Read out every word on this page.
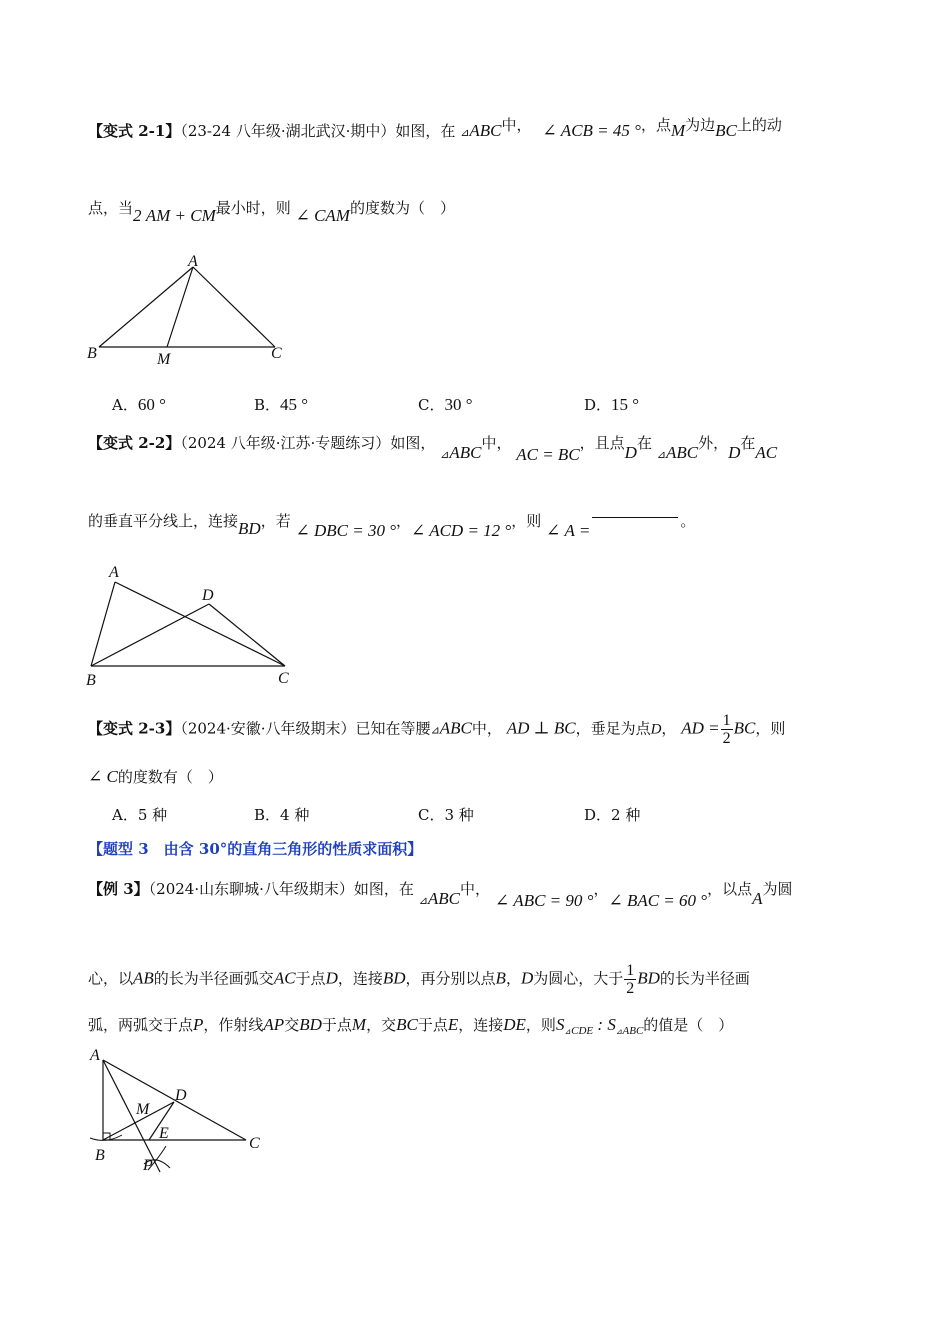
【变式 2-1】（23-24 八年级·湖北武汉·期中）如图，在 ⊿ABC中， ∠ ACB = 45 °，点M为边BC上的动
点，当2 AM + CM最小时，则 ∠ CAM的度数为（　）
A
B	M	C
A．60 °	B．45 °	C．30 °	D．15 °
【变式 2-2】（2024 八年级·江苏·专题练习）如图， $_⊿$ABC中， AC = BC，且点D在 $_⊿$ABC外，D在AC
的垂直平分线上，连接BD，若 ∠ DBC = 30 °，∠ ACD = 12 °，则 ∠ A =	。
A
D
B	C
【变式 2-3】（2024·安徽·八年级期末）已知在等腰⊿ABC中， AD ⊥ BC，垂足为点D， AD = $\frac{1}{2}$ BC，则
∠ C的度数有（　）
A．5 种	B．4 种	C．3 种	D．2 种
【题型 3　由含 30°的直角三角形的性质求面积】
【例 3】（2024·山东聊城·八年级期末）如图，在 $_⊿$ABC中， ∠ ABC = 90 °，∠ BAC = 60 °，以点A为圆
心，以AB的长为半径画弧交AC于点D，连接BD，再分别以点B，D为圆心，大于 $\frac{1}{2}$ BD的长为半径画
弧，两弧交于点P，作射线AP交BD于点M，交BC于点E，连接DE，则$S_{⊿CDE}$ : $S_{⊿ABC}$的值是（　）
A
D
M
E
C
B
P
